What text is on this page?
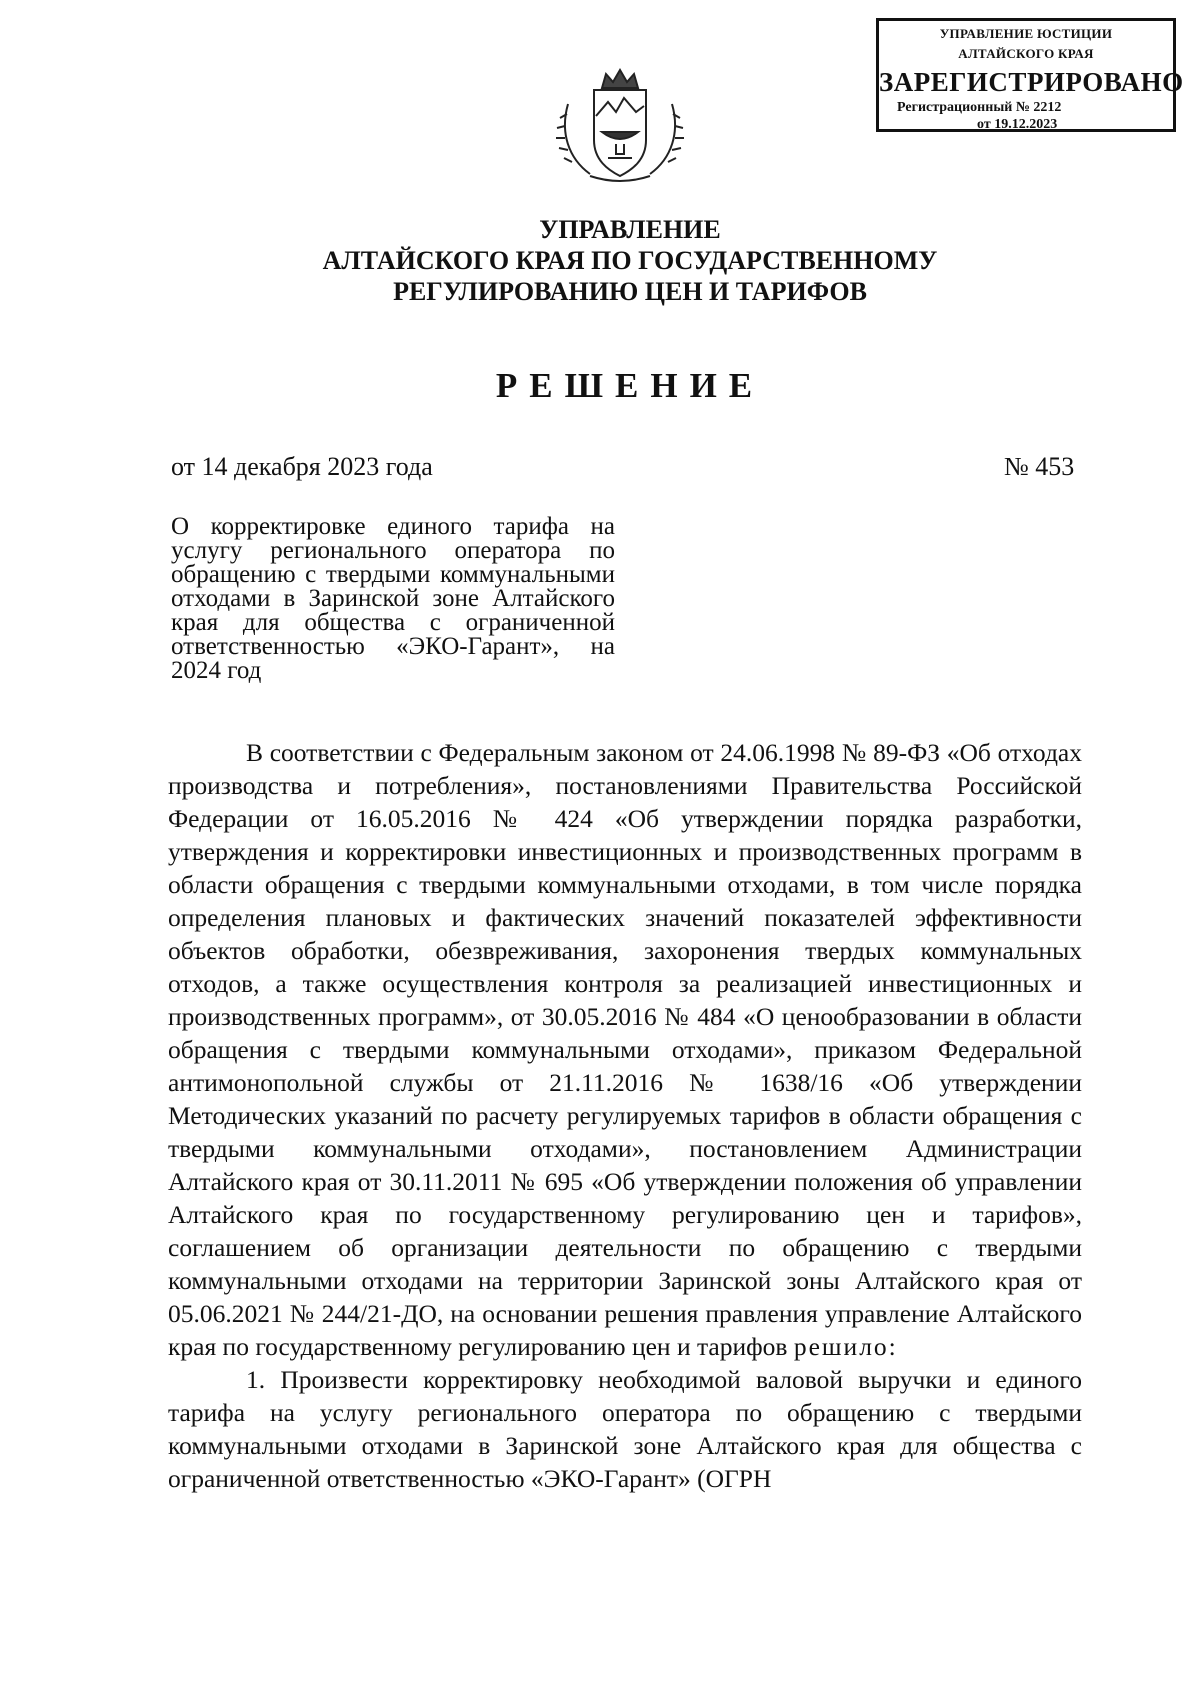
УПРАВЛЕНИЕ ЮСТИЦИИ
АЛТАЙСКОГО КРАЯ
ЗАРЕГИСТРИРОВАНО
Регистрационный № 2212
от 19.12.2023
УПРАВЛЕНИЕ
АЛТАЙСКОГО КРАЯ ПО ГОСУДАРСТВЕННОМУ
РЕГУЛИРОВАНИЮ ЦЕН И ТАРИФОВ
РЕШЕНИЕ
от 14 декабря 2023 года	№ 453
О корректировке единого тарифа на услугу регионального оператора по обращению с твердыми коммунальными отходами в Заринской зоне Алтайского края для общества с ограниченной ответственностью «ЭКО-Гарант», на 2024 год

В соответствии с Федеральным законом от 24.06.1998 № 89-ФЗ «Об отходах производства и потребления», постановлениями Правительства Российской Федерации от 16.05.2016 № 424 «Об утверждении порядка разработки, утверждения и корректировки инвестиционных и производственных программ в области обращения с твердыми коммунальными отходами, в том числе порядка определения плановых и фактических значений показателей эффективности объектов обработки, обезвреживания, захоронения твердых коммунальных отходов, а также осуществления контроля за реализацией инвестиционных и производственных программ», от 30.05.2016 № 484 «О ценообразовании в области обращения с твердыми коммунальными отходами», приказом Федеральной антимонопольной службы от 21.11.2016 № 1638/16 «Об утверждении Методических указаний по расчету регулируемых тарифов в области обращения с твердыми коммунальными отходами», постановлением Администрации Алтайского края от 30.11.2011 № 695 «Об утверждении положения об управлении Алтайского края по государственному регулированию цен и тарифов», соглашением об организации деятельности по обращению с твердыми коммунальными отходами на территории Заринской зоны Алтайского края от 05.06.2021 № 244/21-ДО, на основании решения правления управление Алтайского края по государственному регулированию цен и тарифов решило:

1. Произвести корректировку необходимой валовой выручки и единого тарифа на услугу регионального оператора по обращению с твердыми коммунальными отходами в Заринской зоне Алтайского края для общества с ограниченной ответственностью «ЭКО-Гарант» (ОГРН
